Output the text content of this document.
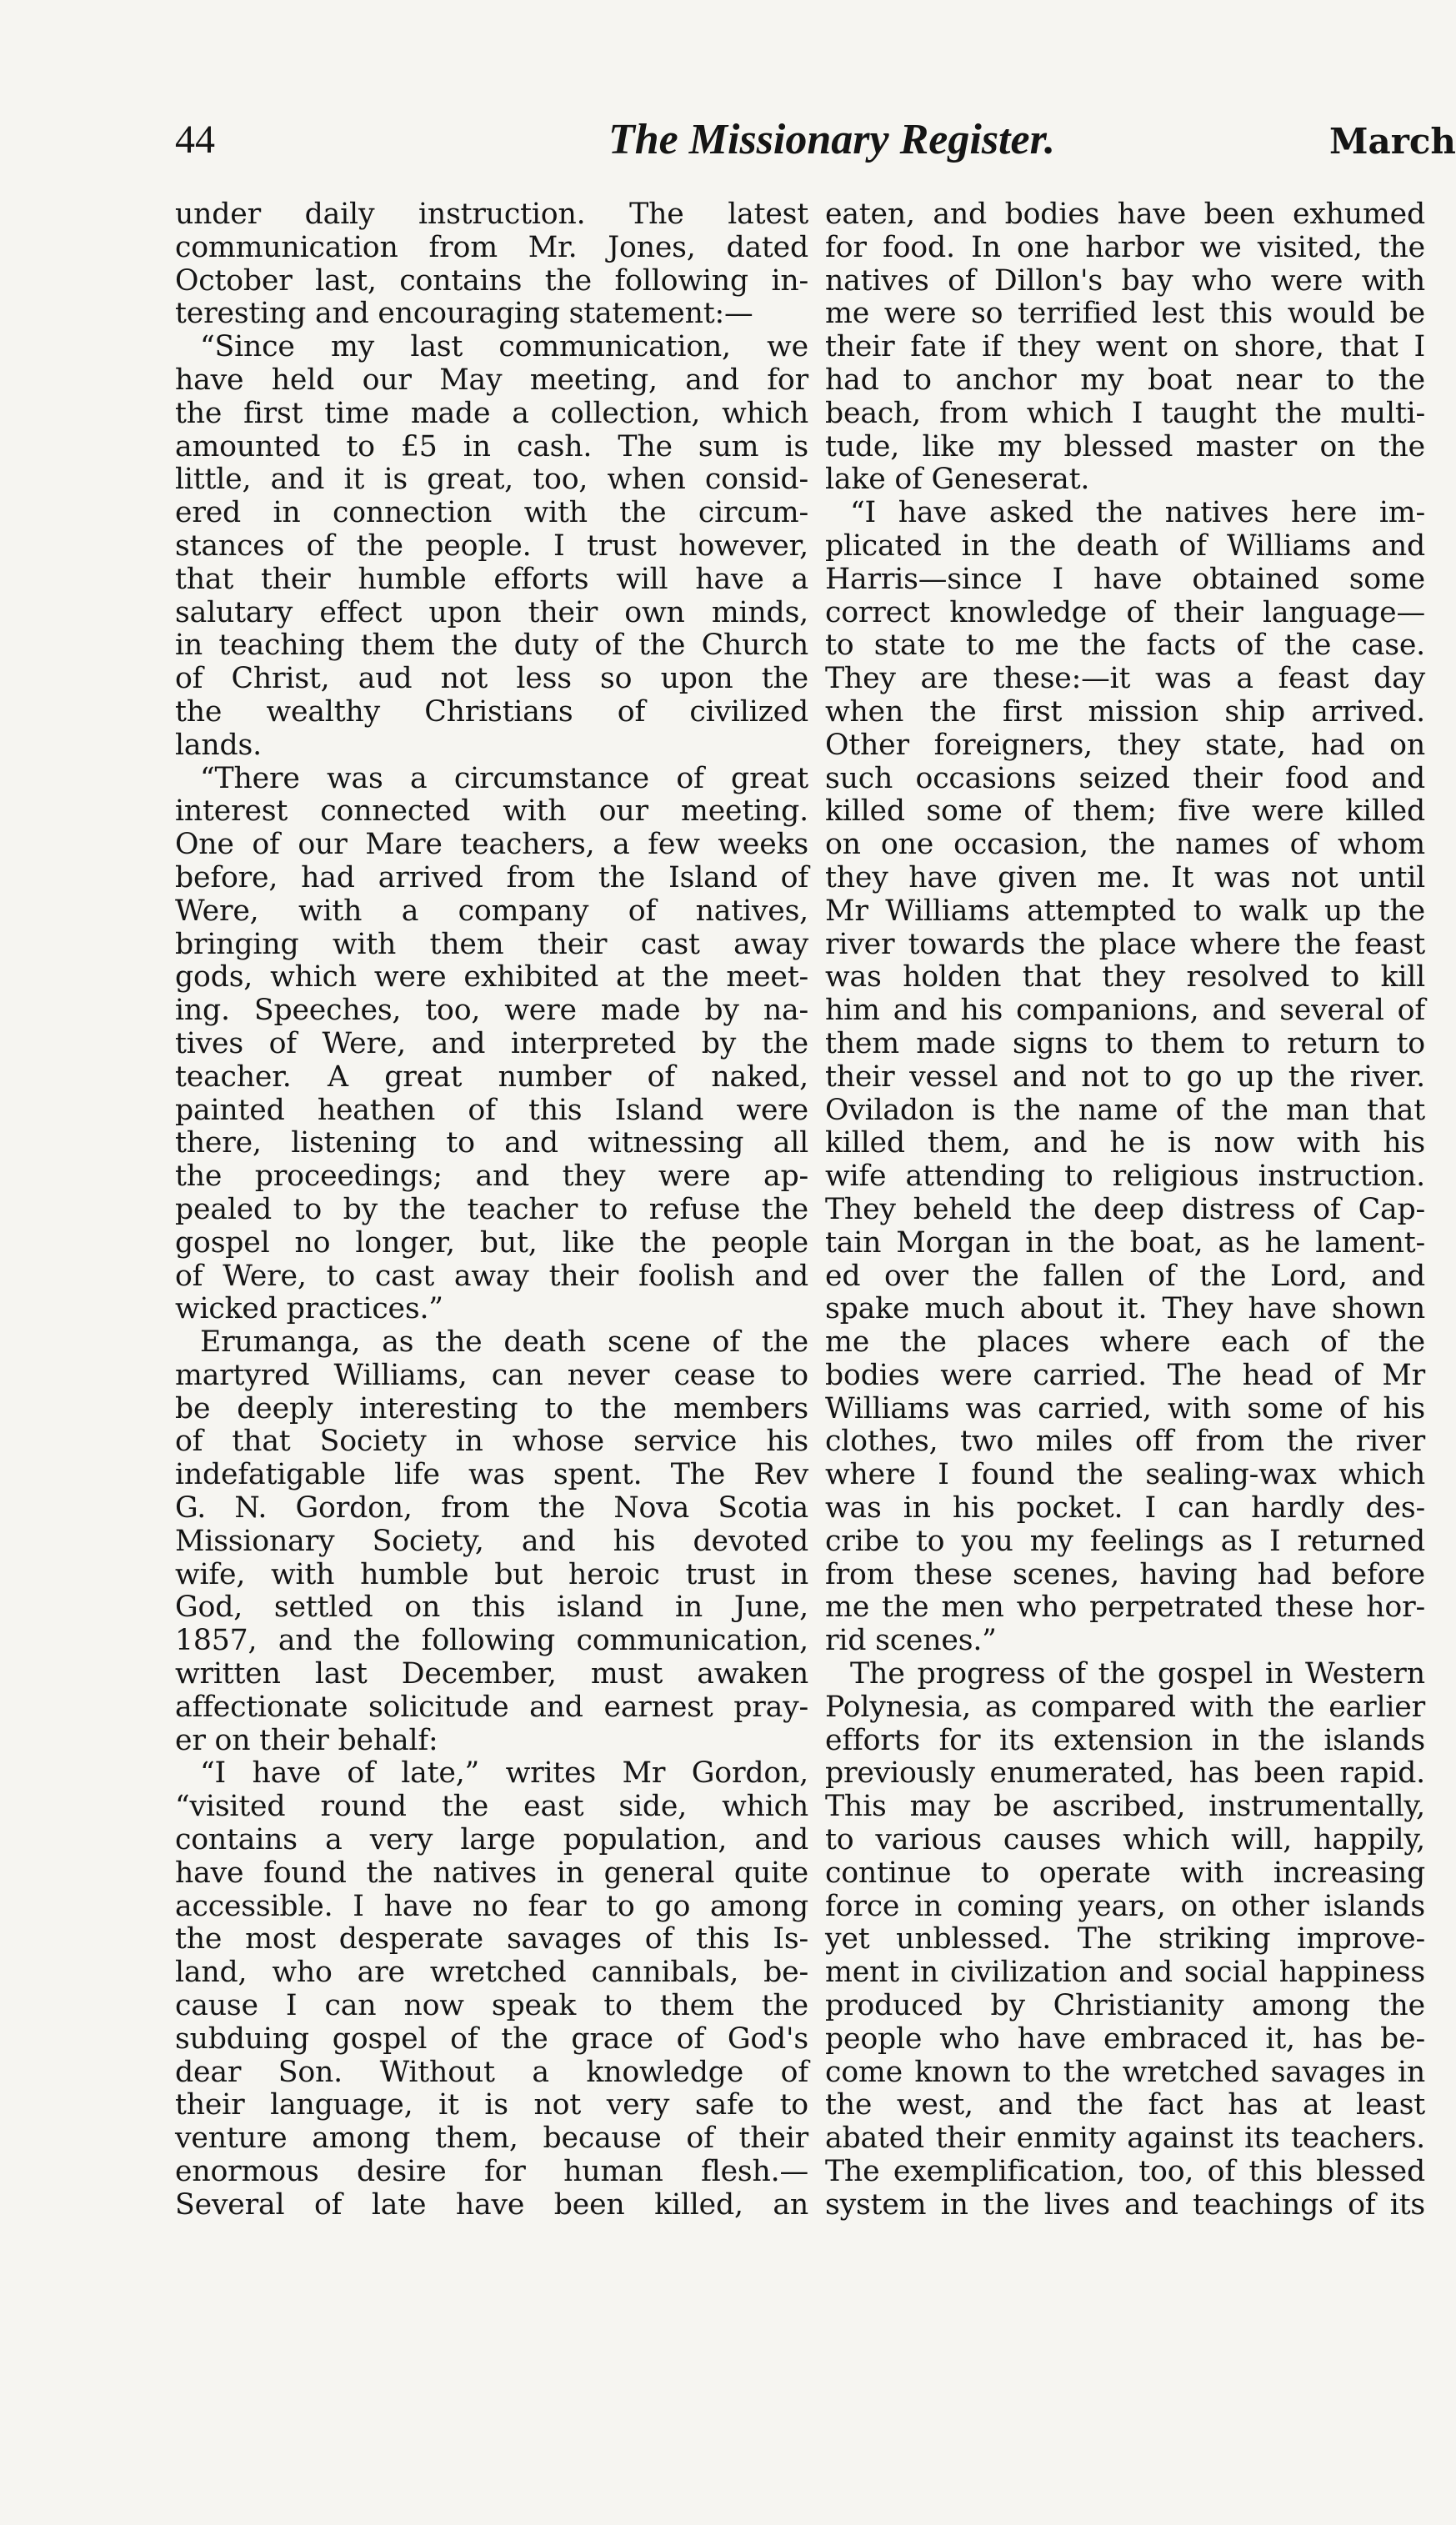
44	The Missionary Register.	March
under daily instruction. The latest
communication from Mr. Jones, dated
October last, contains the following in-
teresting and encouraging statement:—
“Since my last communication, we
have held our May meeting, and for
the first time made a collection, which
amounted to £5 in cash. The sum is
little, and it is great, too, when consid-
ered in connection with the circum-
stances of the people. I trust however,
that their humble efforts will have a
salutary effect upon their own minds,
in teaching them the duty of the Church
of Christ, aud not less so upon the
the wealthy Christians of civilized
lands.
“There was a circumstance of great
interest connected with our meeting.
One of our Mare teachers, a few weeks
before, had arrived from the Island of
Were, with a company of natives,
bringing with them their cast away
gods, which were exhibited at the meet-
ing. Speeches, too, were made by na-
tives of Were, and interpreted by the
teacher. A great number of naked,
painted heathen of this Island were
there, listening to and witnessing all
the proceedings; and they were ap-
pealed to by the teacher to refuse the
gospel no longer, but, like the people
of Were, to cast away their foolish and
wicked practices.”
Erumanga, as the death scene of the
martyred Williams, can never cease to
be deeply interesting to the members
of that Society in whose service his
indefatigable life was spent. The Rev
G. N. Gordon, from the Nova Scotia
Missionary Society, and his devoted
wife, with humble but heroic trust in
God, settled on this island in June,
1857, and the following communication,
written last December, must awaken
affectionate solicitude and earnest pray-
er on their behalf:
“I have of late,” writes Mr Gordon,
“visited round the east side, which
contains a very large population, and
have found the natives in general quite
accessible. I have no fear to go among
the most desperate savages of this Is-
land, who are wretched cannibals, be-
cause I can now speak to them the
subduing gospel of the grace of God's
dear Son. Without a knowledge of
their language, it is not very safe to
venture among them, because of their
enormous desire for human flesh.—
Several of late have been killed, an
eaten, and bodies have been exhumed
for food. In one harbor we visited, the
natives of Dillon's bay who were with
me were so terrified lest this would be
their fate if they went on shore, that I
had to anchor my boat near to the
beach, from which I taught the multi-
tude, like my blessed master on the
lake of Geneserat.
“I have asked the natives here im-
plicated in the death of Williams and
Harris—since I have obtained some
correct knowledge of their language—
to state to me the facts of the case.
They are these:—it was a feast day
when the first mission ship arrived.
Other foreigners, they state, had on
such occasions seized their food and
killed some of them; five were killed
on one occasion, the names of whom
they have given me. It was not until
Mr Williams attempted to walk up the
river towards the place where the feast
was holden that they resolved to kill
him and his companions, and several of
them made signs to them to return to
their vessel and not to go up the river.
Oviladon is the name of the man that
killed them, and he is now with his
wife attending to religious instruction.
They beheld the deep distress of Cap-
tain Morgan in the boat, as he lament-
ed over the fallen of the Lord, and
spake much about it. They have shown
me the places where each of the
bodies were carried. The head of Mr
Williams was carried, with some of his
clothes, two miles off from the river
where I found the sealing-wax which
was in his pocket. I can hardly des-
cribe to you my feelings as I returned
from these scenes, having had before
me the men who perpetrated these hor-
rid scenes.”
The progress of the gospel in Western
Polynesia, as compared with the earlier
efforts for its extension in the islands
previously enumerated, has been rapid.
This may be ascribed, instrumentally,
to various causes which will, happily,
continue to operate with increasing
force in coming years, on other islands
yet unblessed. The striking improve-
ment in civilization and social happiness
produced by Christianity among the
people who have embraced it, has be-
come known to the wretched savages in
the west, and the fact has at least
abated their enmity against its teachers.
The exemplification, too, of this blessed
system in the lives and teachings of its
